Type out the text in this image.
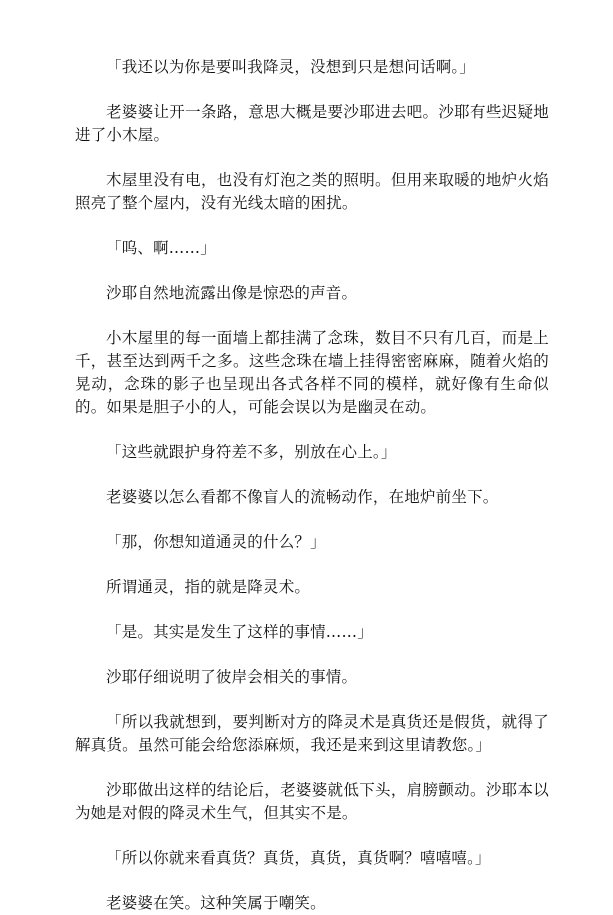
「我还以为你是要叫我降灵，没想到只是想问话啊。」

老婆婆让开一条路，意思大概是要沙耶进去吧。沙耶有些迟疑地进了小木屋。

木屋里没有电，也没有灯泡之类的照明。但用来取暖的地炉火焰照亮了整个屋内，没有光线太暗的困扰。

「呜、啊……」

沙耶自然地流露出像是惊恐的声音。

小木屋里的每一面墙上都挂满了念珠，数目不只有几百，而是上千，甚至达到两千之多。这些念珠在墙上挂得密密麻麻，随着火焰的晃动，念珠的影子也呈现出各式各样不同的模样，就好像有生命似的。如果是胆子小的人，可能会误以为是幽灵在动。

「这些就跟护身符差不多，别放在心上。」

老婆婆以怎么看都不像盲人的流畅动作，在地炉前坐下。

「那，你想知道通灵的什么？」

所谓通灵，指的就是降灵术。

「是。其实是发生了这样的事情……」

沙耶仔细说明了彼岸会相关的事情。

「所以我就想到，要判断对方的降灵术是真货还是假货，就得了解真货。虽然可能会给您添麻烦，我还是来到这里请教您。」

沙耶做出这样的结论后，老婆婆就低下头，肩膀颤动。沙耶本以为她是对假的降灵术生气，但其实不是。

「所以你就来看真货？真货，真货，真货啊？嘻嘻嘻。」

老婆婆在笑。这种笑属于嘲笑。
